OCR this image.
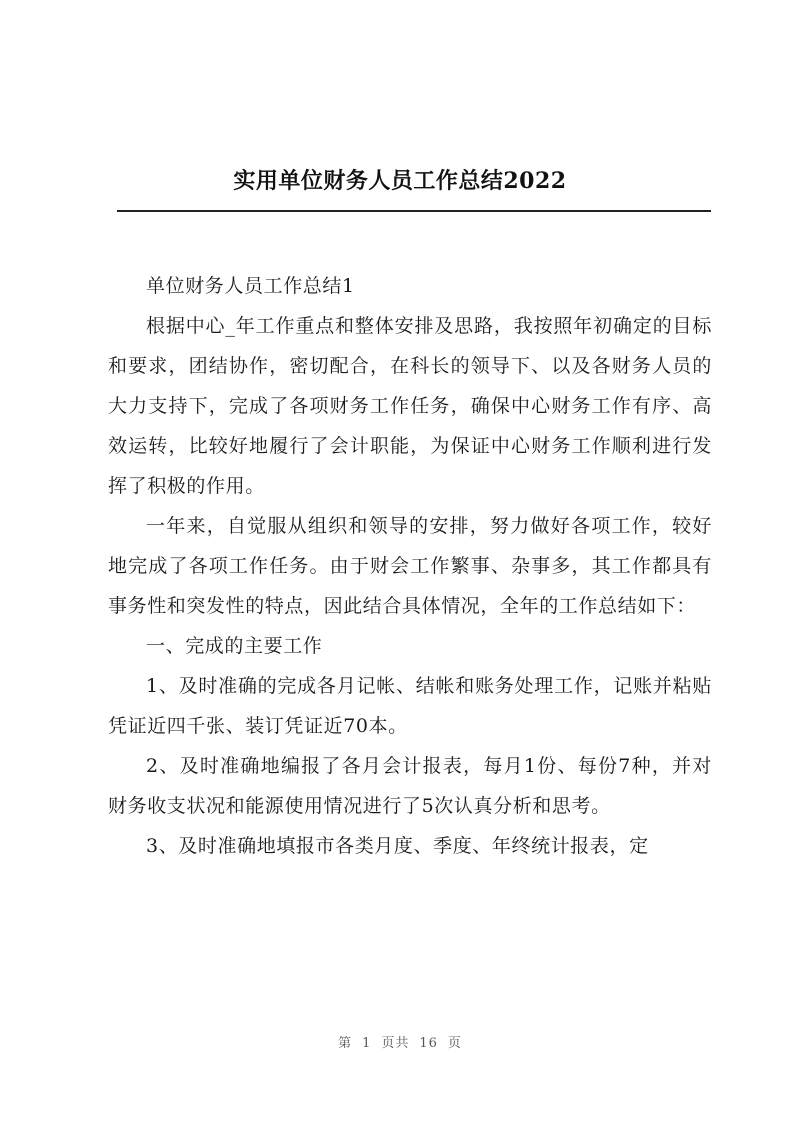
实用单位财务人员工作总结2022

单位财务人员工作总结1

根据中心_年工作重点和整体安排及思路，我按照年初确定的目标和要求，团结协作，密切配合，在科长的领导下、以及各财务人员的大力支持下，完成了各项财务工作任务，确保中心财务工作有序、高效运转，比较好地履行了会计职能，为保证中心财务工作顺利进行发挥了积极的作用。

一年来，自觉服从组织和领导的安排，努力做好各项工作，较好地完成了各项工作任务。由于财会工作繁事、杂事多，其工作都具有事务性和突发性的特点，因此结合具体情况，全年的工作总结如下：

一、完成的主要工作

1、及时准确的完成各月记帐、结帐和账务处理工作，记账并粘贴凭证近四千张、装订凭证近70本。

2、及时准确地编报了各月会计报表，每月1份、每份7种，并对财务收支状况和能源使用情况进行了5次认真分析和思考。

3、及时准确地填报市各类月度、季度、年终统计报表，定

第 1 页共 16 页
